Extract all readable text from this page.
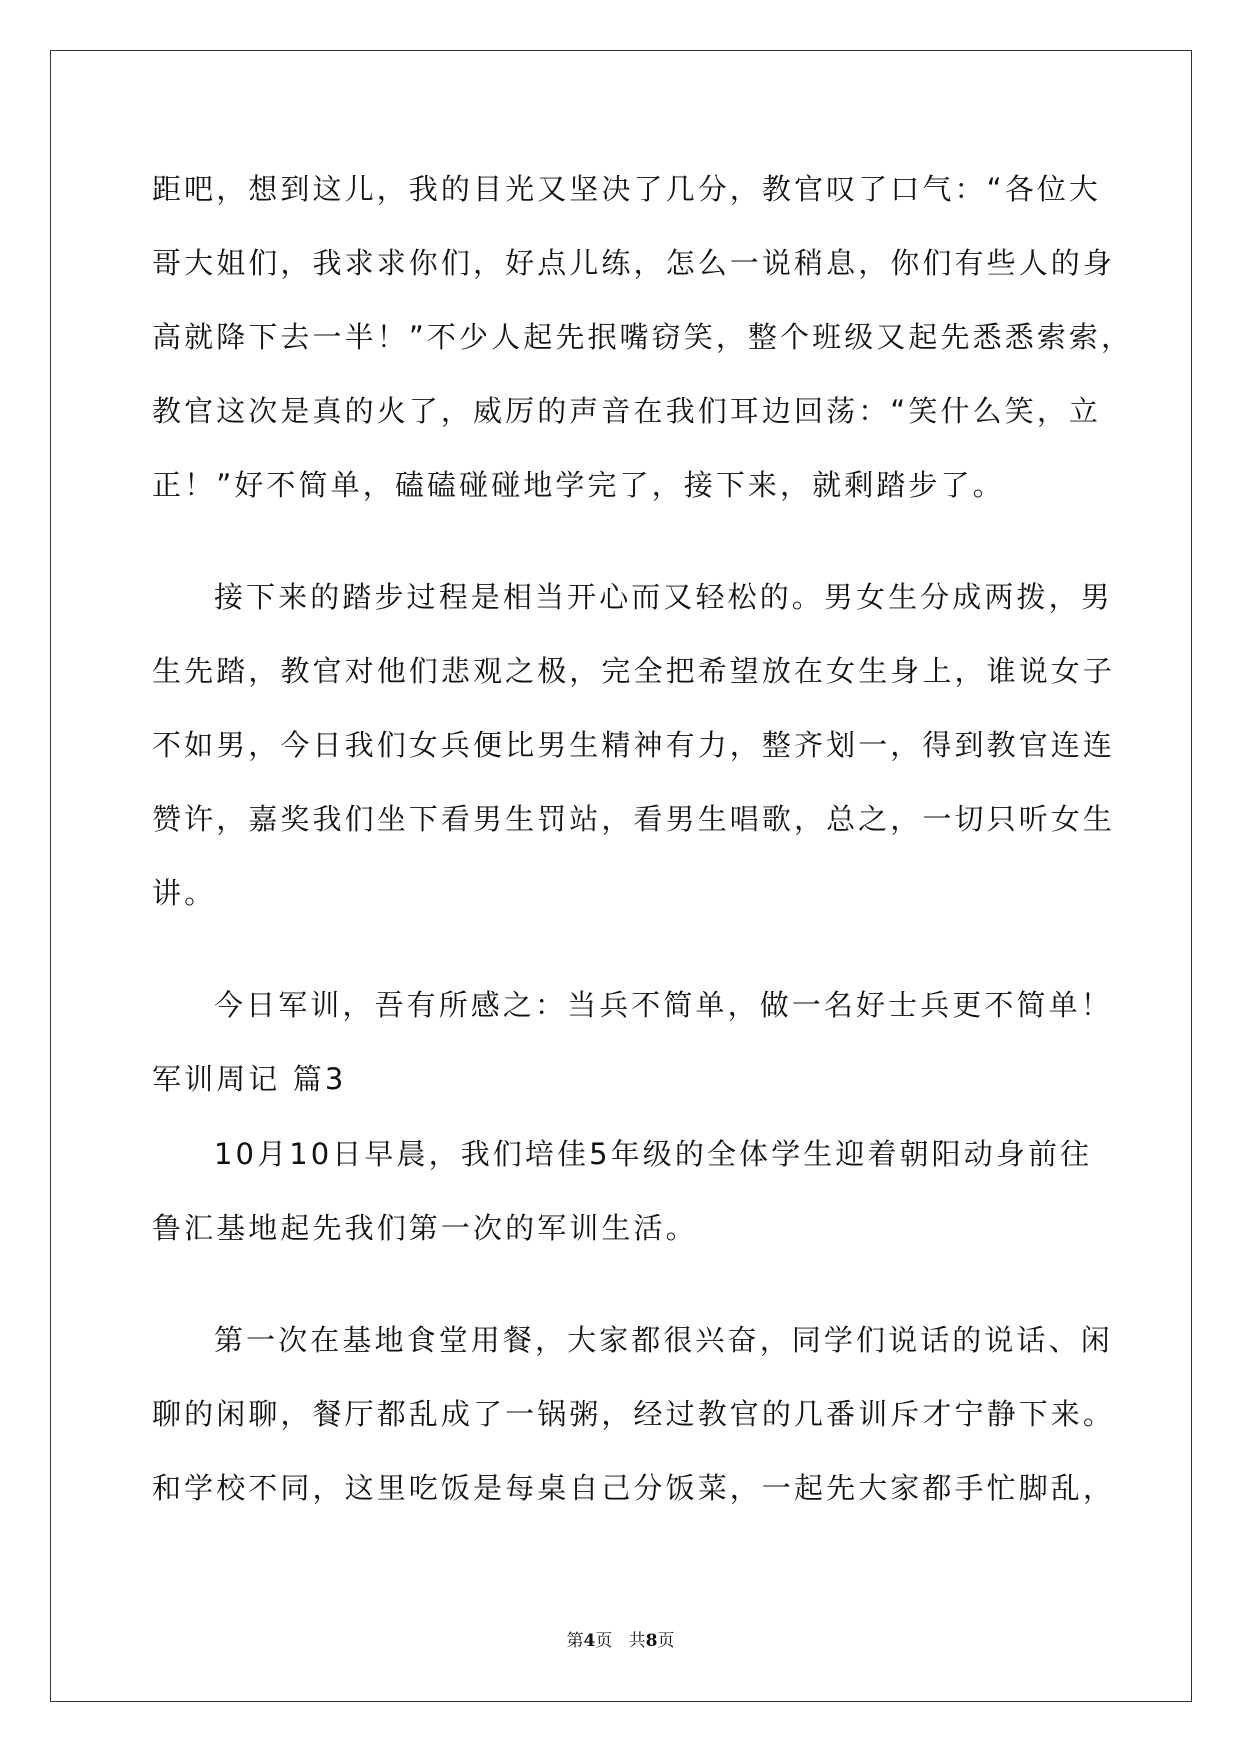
距吧，想到这儿，我的目光又坚决了几分，教官叹了口气：“各位大
哥大姐们，我求求你们，好点儿练，怎么一说稍息，你们有些人的身
高就降下去一半！”不少人起先抿嘴窃笑，整个班级又起先悉悉索索，
教官这次是真的火了，威厉的声音在我们耳边回荡：“笑什么笑，立
正！”好不简单，磕磕碰碰地学完了，接下来，就剩踏步了。
接下来的踏步过程是相当开心而又轻松的。男女生分成两拨，男
生先踏，教官对他们悲观之极，完全把希望放在女生身上，谁说女子
不如男，今日我们女兵便比男生精神有力，整齐划一，得到教官连连
赞许，嘉奖我们坐下看男生罚站，看男生唱歌，总之，一切只听女生
讲。
今日军训，吾有所感之：当兵不简单，做一名好士兵更不简单！
军训周记 篇3
10月10日早晨，我们培佳5年级的全体学生迎着朝阳动身前往
鲁汇基地起先我们第一次的军训生活。
第一次在基地食堂用餐，大家都很兴奋，同学们说话的说话、闲
聊的闲聊，餐厅都乱成了一锅粥，经过教官的几番训斥才宁静下来。
和学校不同，这里吃饭是每桌自己分饭菜，一起先大家都手忙脚乱，
第4页 共8页
